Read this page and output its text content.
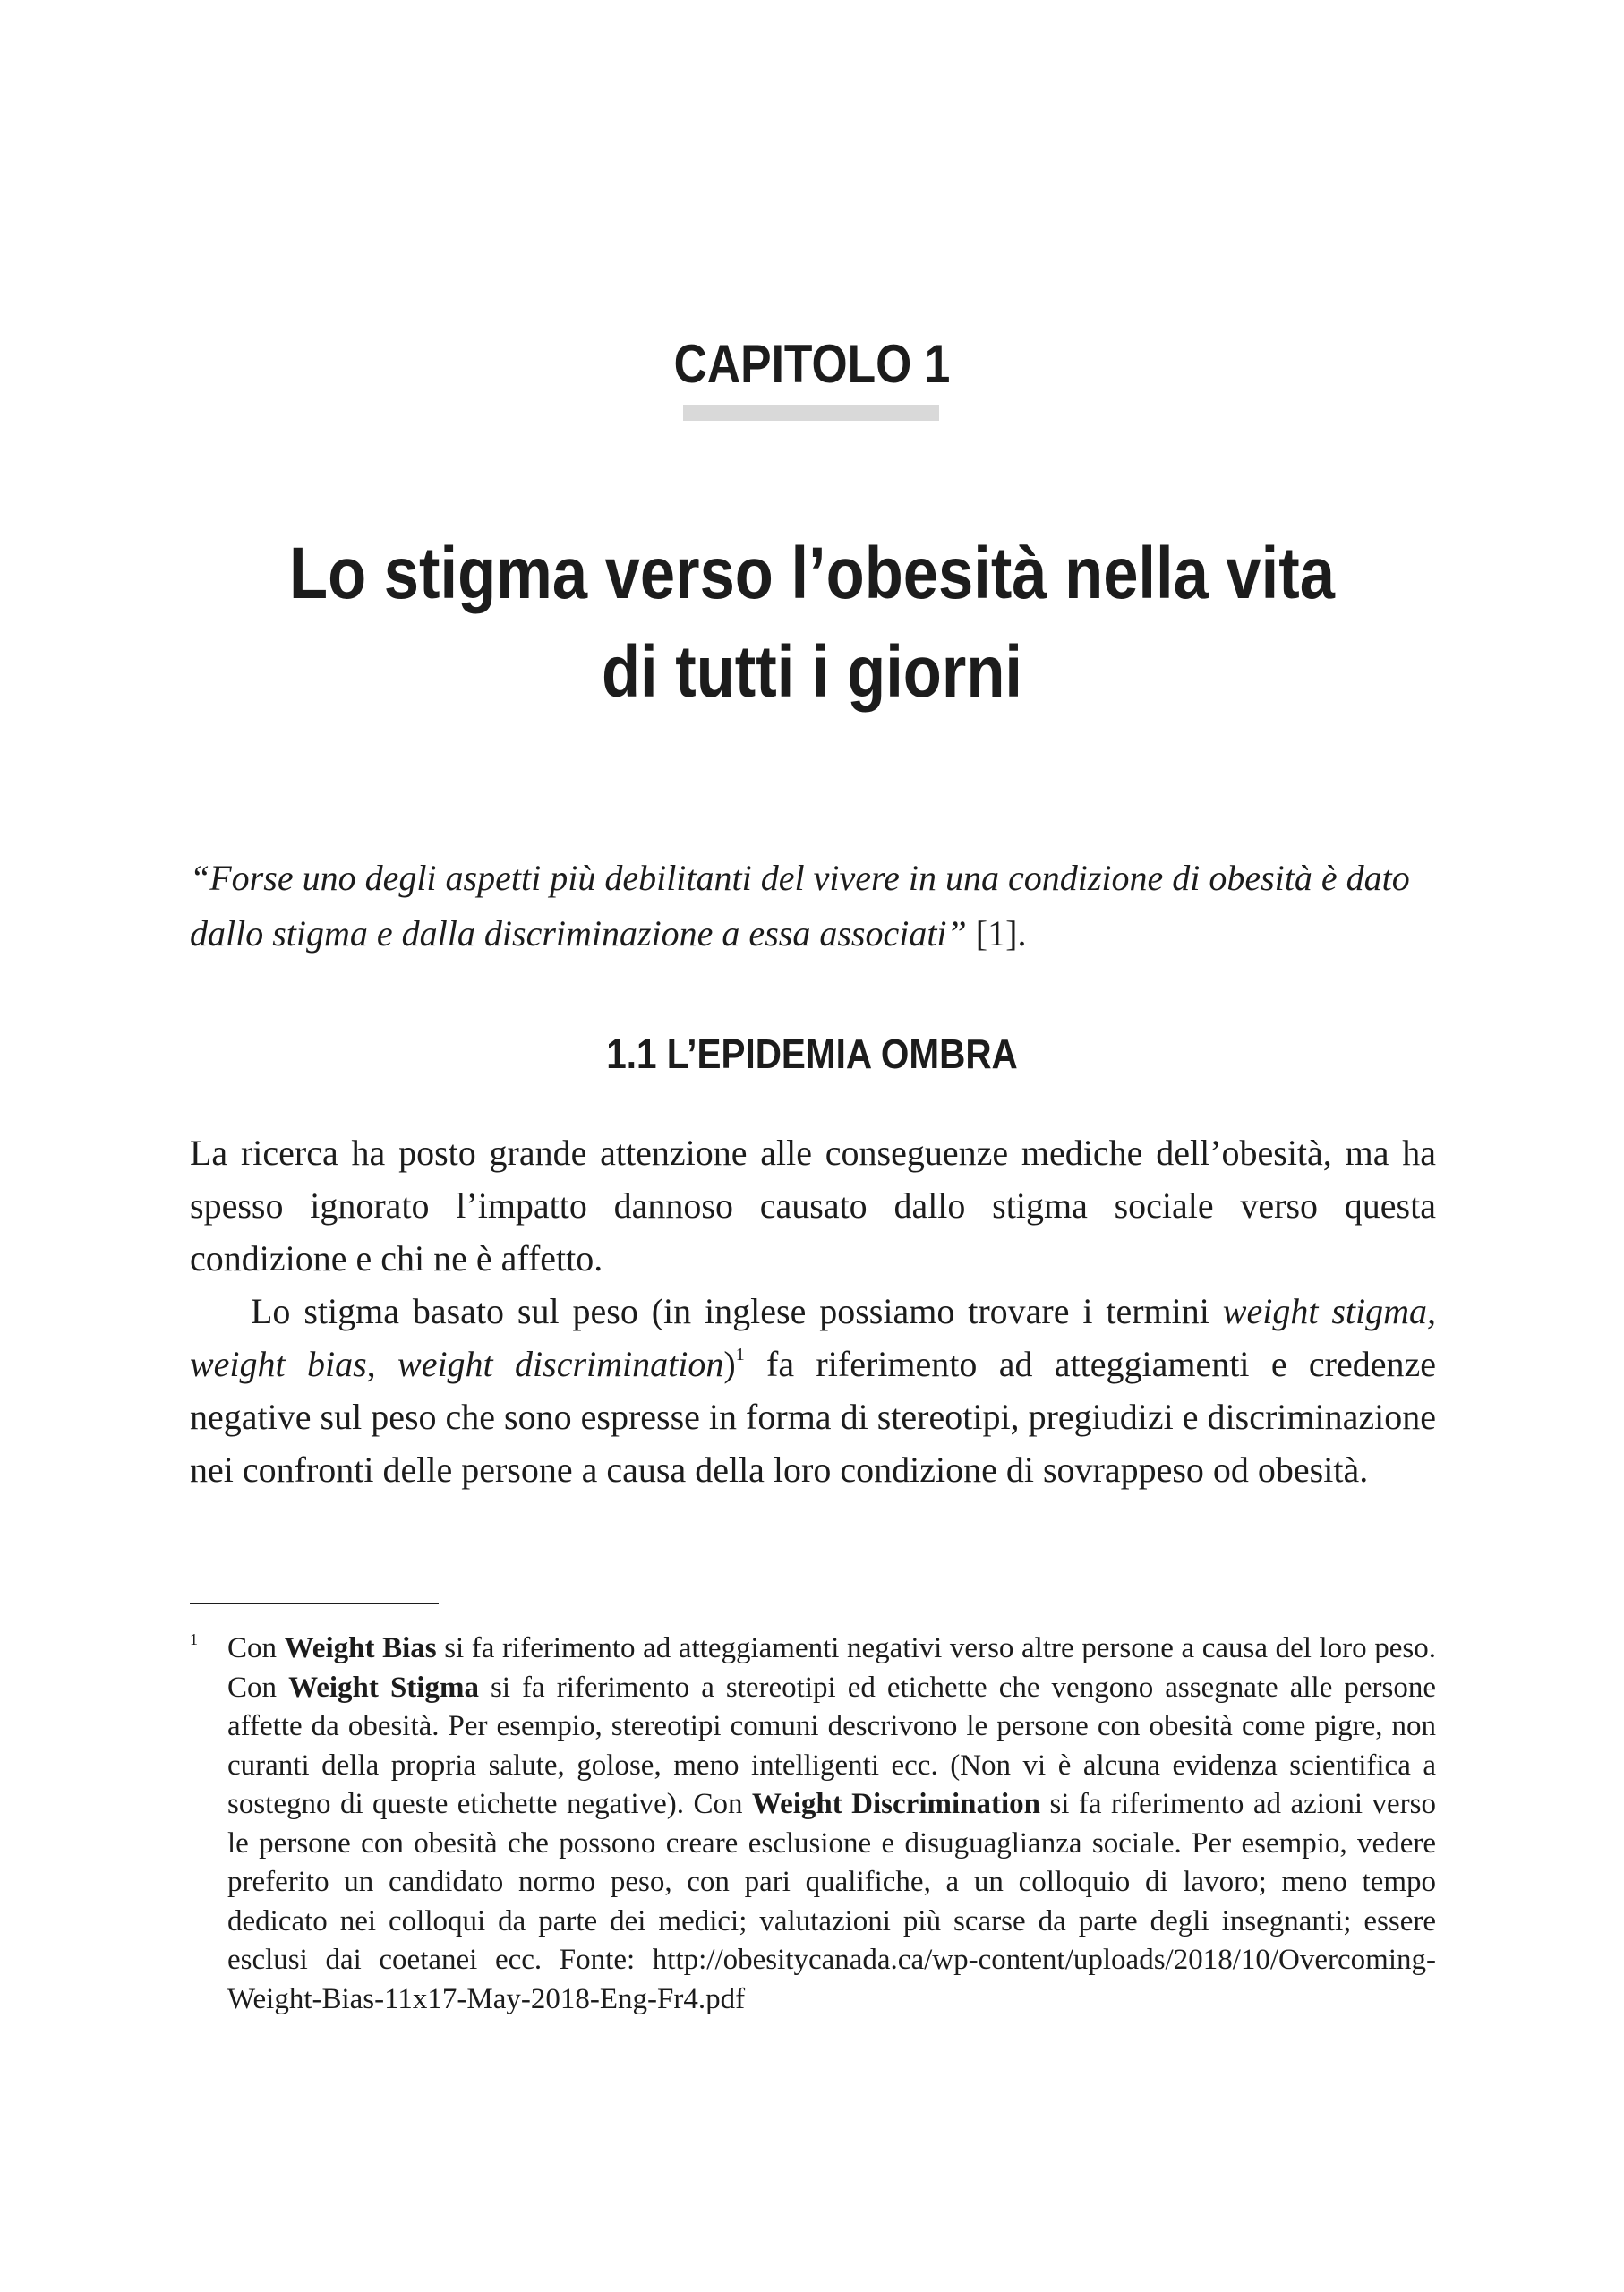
CAPITOLO 1
Lo stigma verso l’obesità nella vita
di tutti i giorni
“Forse uno degli aspetti più debilitanti del vivere in una condizione di obesità è dato dallo stigma e dalla discriminazione a essa associati” [1].
1.1 L’EPIDEMIA OMBRA

La ricerca ha posto grande attenzione alle conseguenze mediche dell’obesità, ma ha spesso ignorato l’impatto dannoso causato dallo stigma sociale verso questa condizione e chi ne è affetto.

Lo stigma basato sul peso (in inglese possiamo trovare i termini weight stigma, weight bias, weight discrimination)$^1$ fa riferimento ad atteggiamenti e credenze negative sul peso che sono espresse in forma di stereotipi, pregiudizi e discriminazione nei confronti delle persone a causa della loro condizione di sovrappeso od obesità.

1 Con Weight Bias si fa riferimento ad atteggiamenti negativi verso altre persone a causa del loro peso. Con Weight Stigma si fa riferimento a stereotipi ed etichette che vengono assegnate alle persone affette da obesità. Per esempio, stereotipi comuni descrivono le persone con obesità come pigre, non curanti della propria salute, golose, meno intelligenti ecc. (Non vi è alcuna evidenza scientifica a sostegno di queste etichette negative). Con Weight Discrimination si fa riferimento ad azioni verso le persone con obesità che possono creare esclusione e disuguaglianza sociale. Per esempio, vedere preferito un candidato normo peso, con pari qualifiche, a un colloquio di lavoro; meno tempo dedicato nei colloqui da parte dei medici; valutazioni più scarse da parte degli insegnanti; essere esclusi dai coetanei ecc. Fonte: http://obesitycanada.ca/wp-content/uploads/2018/10/Overcoming-Weight-Bias-11x17-May-2018-Eng-Fr4.pdf
